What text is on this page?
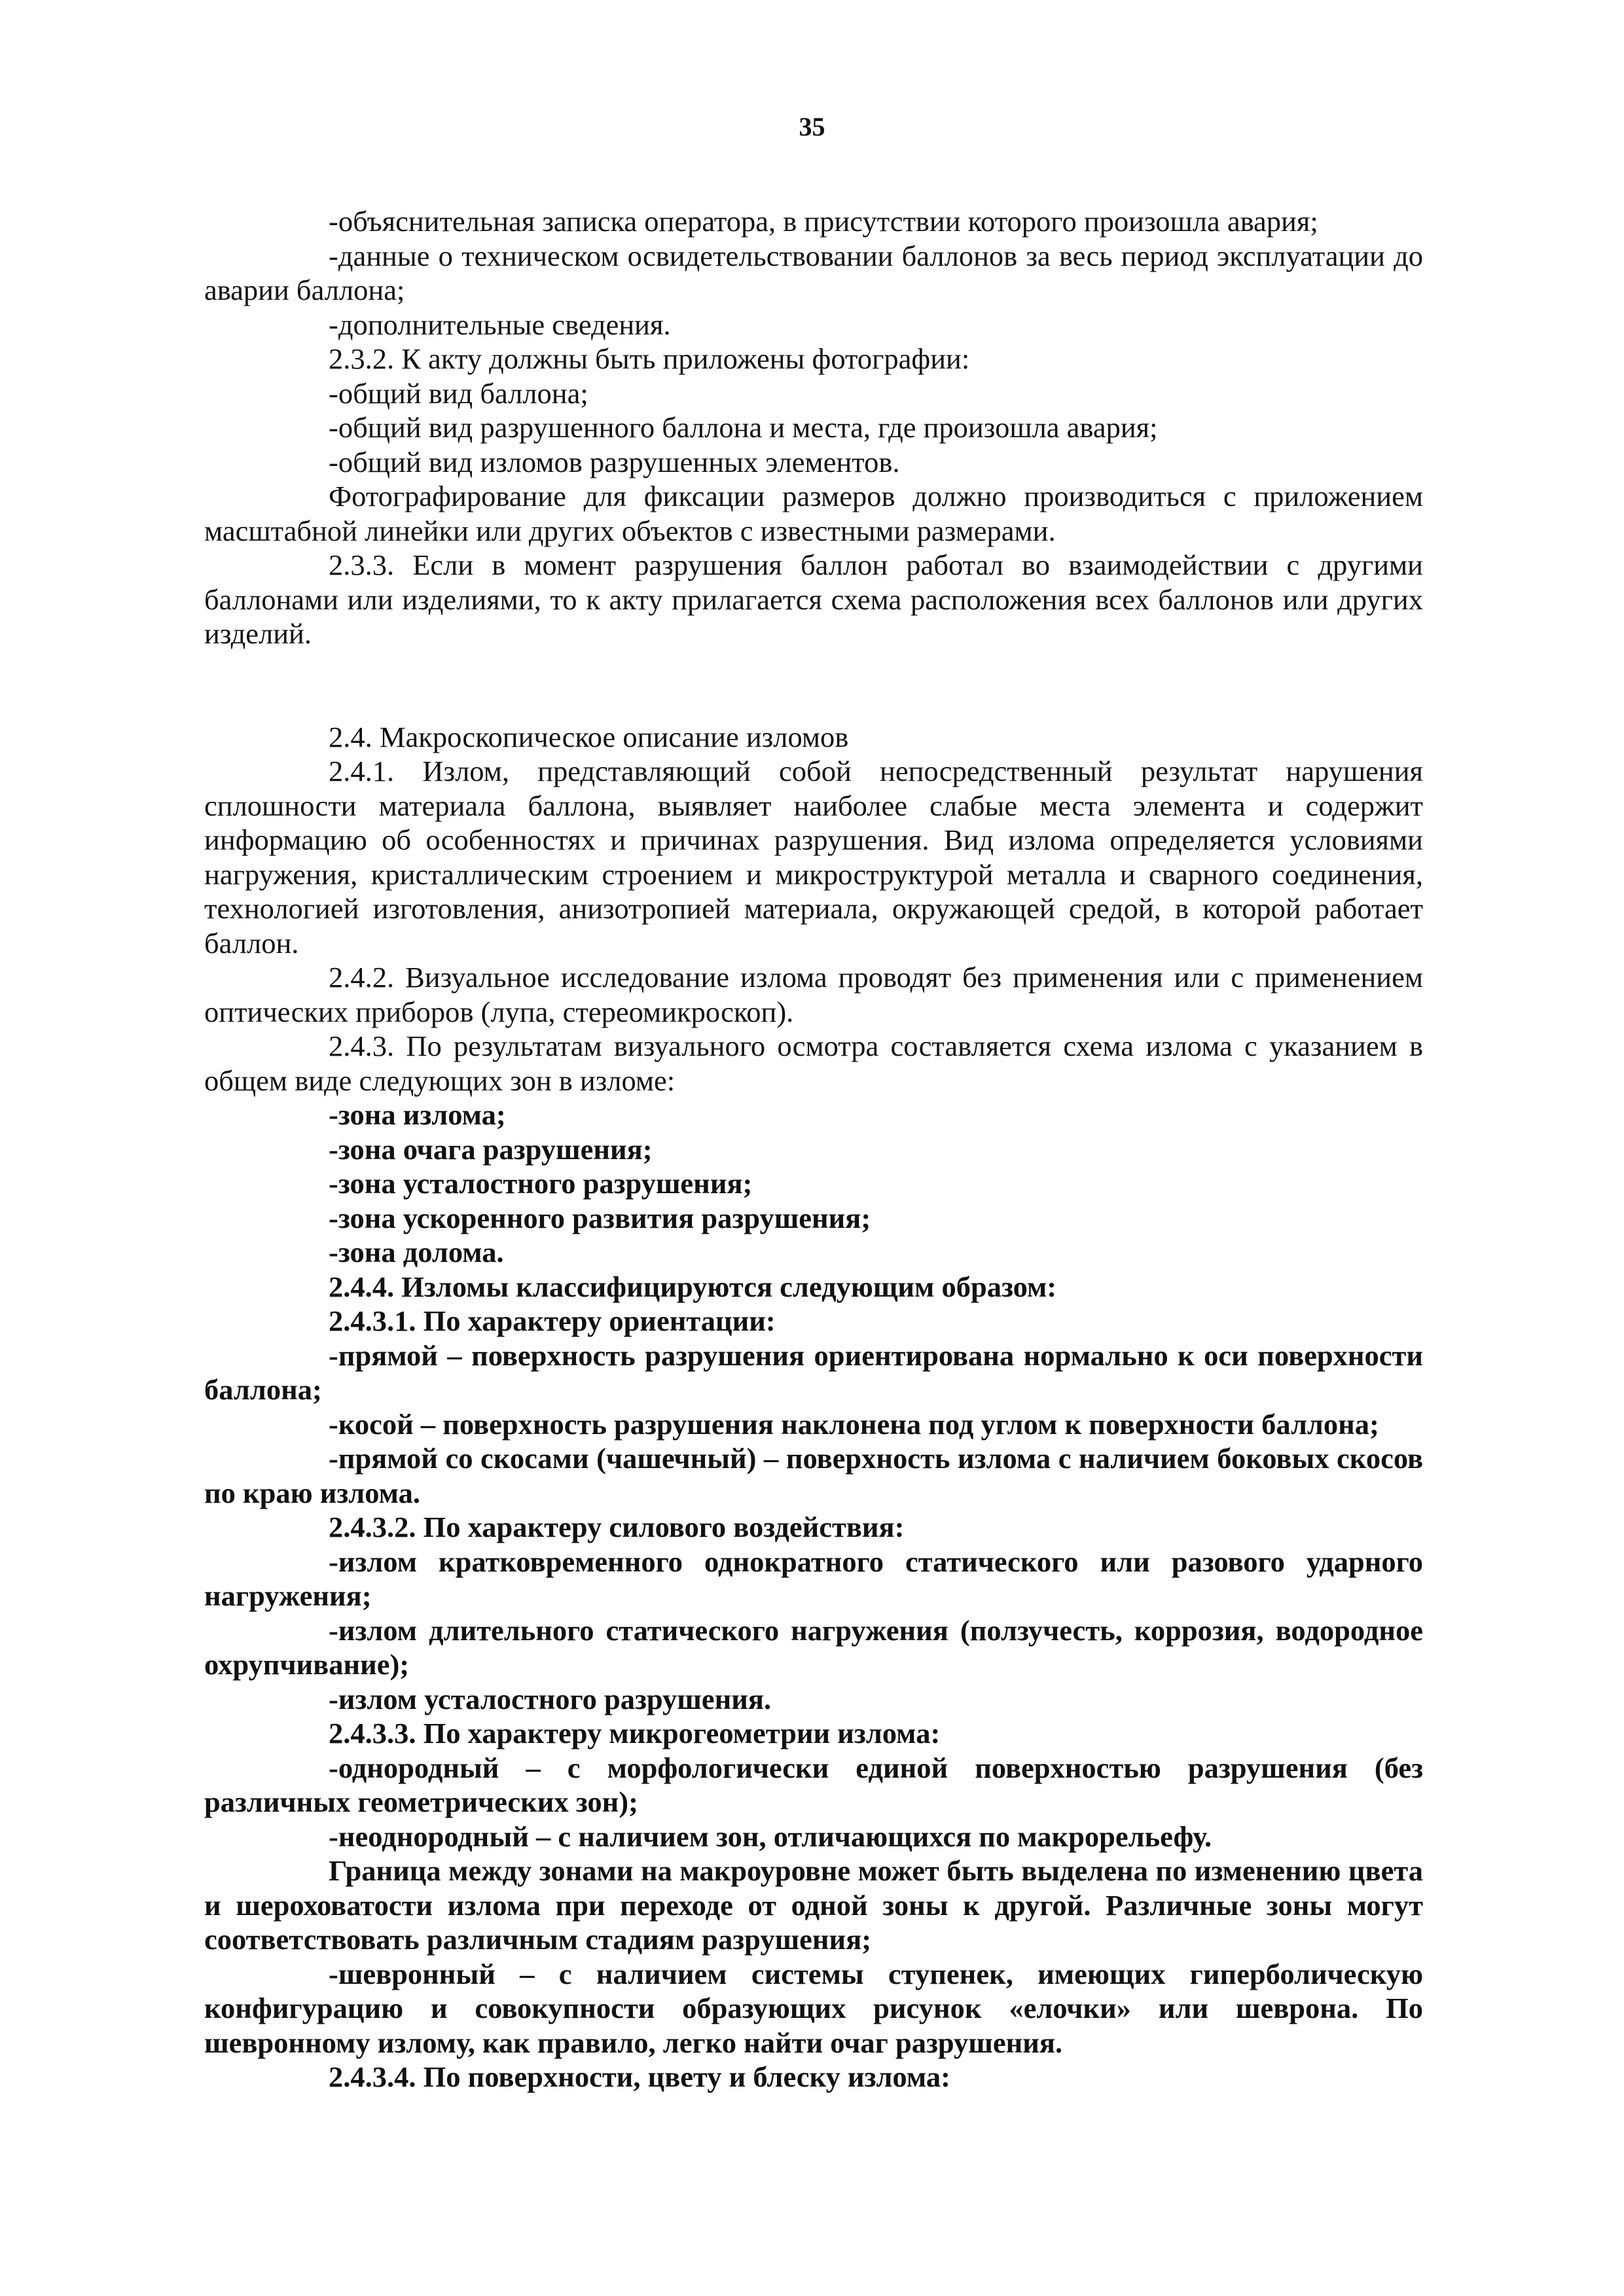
35

-объяснительная записка оператора, в присутствии которого произошла авария;

-данные о техническом освидетельствовании баллонов за весь период эксплуатации до аварии баллона;

-дополнительные сведения.

2.3.2. К акту должны быть приложены фотографии:

-общий вид баллона;

-общий вид разрушенного баллона и места, где произошла авария;

-общий вид изломов разрушенных элементов.

Фотографирование для фиксации размеров должно производиться с приложением масштабной линейки или других объектов с известными размерами.

2.3.3. Если в момент разрушения баллон работал во взаимодействии с другими баллонами или изделиями, то к акту прилагается схема расположения всех баллонов или других изделий.

2.4. Макроскопическое описание изломов

2.4.1. Излом, представляющий собой непосредственный результат нарушения сплошности материала баллона, выявляет наиболее слабые места элемента и содержит информацию об особенностях и причинах разрушения. Вид излома определяется условиями нагружения, кристаллическим строением и микроструктурой металла и сварного соединения, технологией изготовления, анизотропией материала, окружающей средой, в которой работает баллон.

2.4.2. Визуальное исследование излома проводят без применения или с применением оптических приборов (лупа, стереомикроскоп).

2.4.3. По результатам визуального осмотра составляется схема излома с указанием в общем виде следующих зон в изломе:

-зона излома;

-зона очага разрушения;

-зона усталостного разрушения;

-зона ускоренного развития разрушения;

-зона долома.

2.4.4. Изломы классифицируются следующим образом:

2.4.3.1. По характеру ориентации:

-прямой – поверхность разрушения ориентирована нормально к оси поверхности баллона;

-косой – поверхность разрушения наклонена под углом к поверхности баллона;

-прямой со скосами (чашечный) – поверхность излома с наличием боковых скосов по краю излома.

2.4.3.2. По характеру силового воздействия:

-излом кратковременного однократного статического или разового ударного нагружения;

-излом длительного статического нагружения (ползучесть, коррозия, водородное охрупчивание);

-излом усталостного разрушения.

2.4.3.3. По характеру микрогеометрии излома:

-однородный – с морфологически единой поверхностью разрушения (без различных геометрических зон);

-неоднородный – с наличием зон, отличающихся по макрорельефу.

Граница между зонами на макроуровне может быть выделена по изменению цвета и шероховатости излома при переходе от одной зоны к другой. Различные зоны могут соответствовать различным стадиям разрушения;

-шевронный – с наличием системы ступенек, имеющих гиперболическую конфигурацию и совокупности образующих рисунок «елочки» или шеврона. По шевронному излому, как правило, легко найти очаг разрушения.

2.4.3.4. По поверхности, цвету и блеску излома:
